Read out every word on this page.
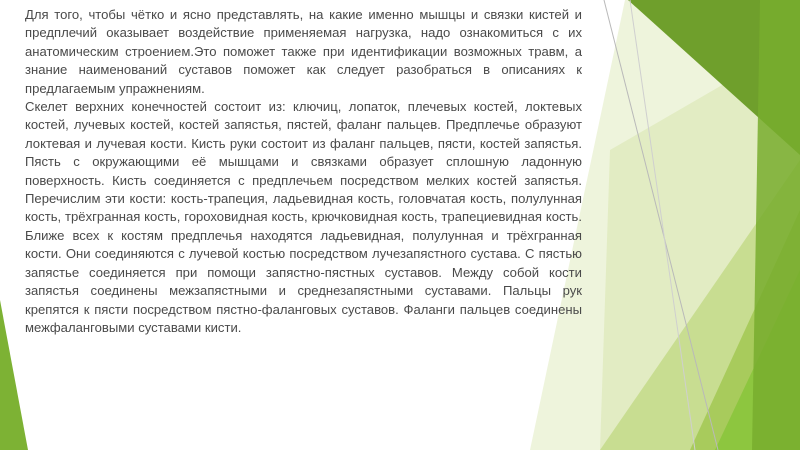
Для того, чтобы чётко и ясно представлять, на какие именно мышцы и связки кистей и предплечий оказывает воздействие применяемая нагрузка, надо ознакомиться с их анатомическим строением.Это поможет также при идентификации возможных травм, а знание наименований суставов поможет как следует разобраться в описаниях к предлагаемым упражнениям.

Скелет верхних конечностей состоит из: ключиц, лопаток, плечевых костей, локтевых костей, лучевых костей, костей запястья, пястей, фаланг пальцев. Предплечье образуют локтевая и лучевая кости. Кисть руки состоит из фаланг пальцев, пясти, костей запястья. Пясть с окружающими её мышцами и связками образует сплошную ладонную поверхность. Кисть соединяется с предплечьем посредством мелких костей запястья. Перечислим эти кости: кость-трапеция, ладьевидная кость, головчатая кость, полулунная кость, трёхгранная кость, гороховидная кость, крючковидная кость, трапециевидная кость. Ближе всех к костям предплечья находятся ладьевидная, полулунная и трёхгранная кости. Они соединяются с лучевой костью посредством лучезапястного сустава. С пястью запястье соединяется при помощи запястно-пястных суставов. Между собой кости запястья соединены межзапястными и среднезапястными суставами. Пальцы рук крепятся к пясти посредством пястно-фаланговых суставов. Фаланги пальцев соединены межфаланговыми суставами кисти.
